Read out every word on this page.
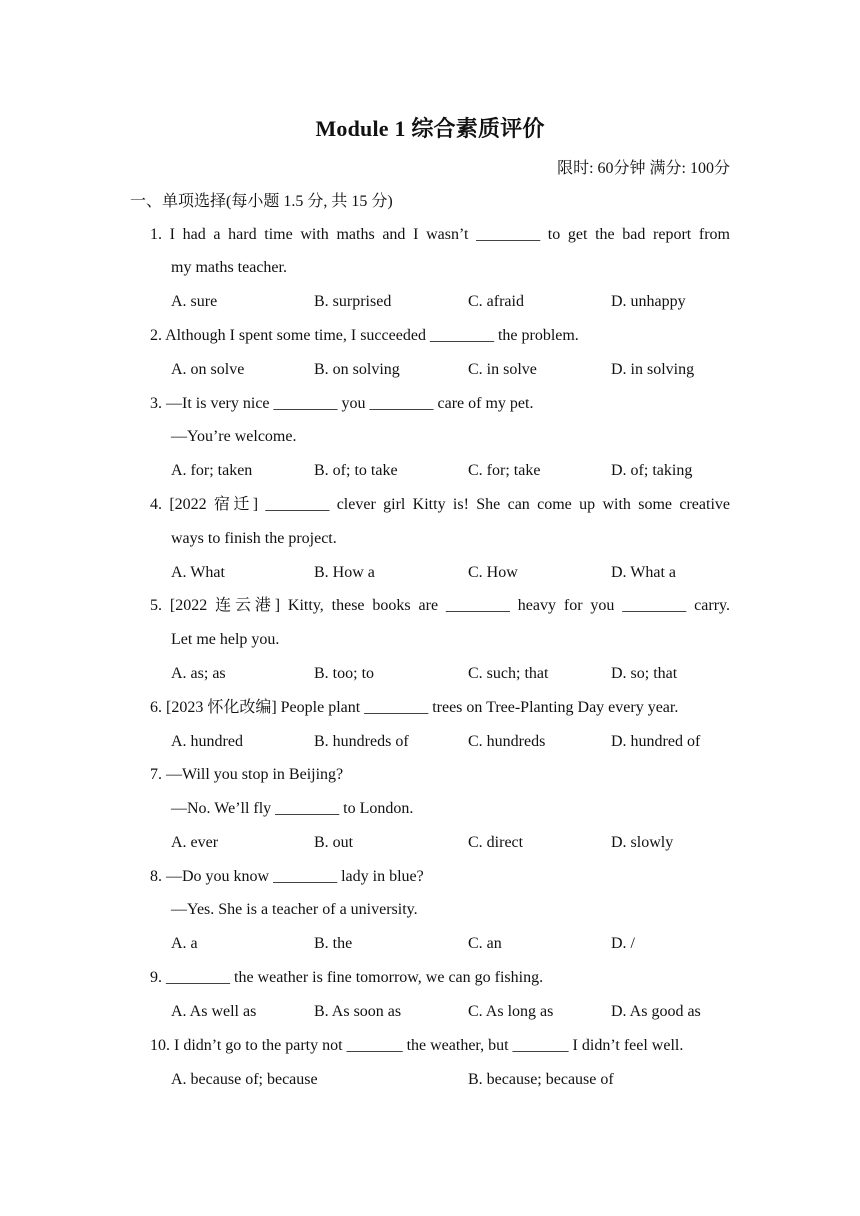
Module 1 综合素质评价
限时: 60分钟 满分: 100分
一、单项选择(每小题 1.5 分, 共 15 分)
1. I had a hard time with maths and I wasn’t ________ to get the bad report from
my maths teacher.
A. sure	B. surprised	C. afraid	D. unhappy
2. Although I spent some time, I succeeded ________ the problem.
A. on solve	B. on solving	C. in solve	D. in solving
3. —It is very nice ________ you ________ care of my pet.
—You’re welcome.
A. for; taken	B. of; to take	C. for; take	D. of; taking
4. [2022 宿迁] ________ clever girl Kitty is! She can come up with some creative
ways to finish the project.
A. What	B. How a	C. How	D. What a
5. [2022 连云港] Kitty, these books are ________ heavy for you ________ carry.
Let me help you.
A. as; as	B. too; to	C. such; that	D. so; that
6. [2023 怀化改编] People plant ________ trees on Tree-Planting Day every year.
A. hundred	B. hundreds of	C. hundreds	D. hundred of
7. —Will you stop in Beijing?
—No. We’ll fly ________ to London.
A. ever	B. out	C. direct	D. slowly
8. —Do you know ________ lady in blue?
—Yes. She is a teacher of a university.
A. a	B. the	C. an	D. /
9. ________ the weather is fine tomorrow, we can go fishing.
A. As well as	B. As soon as	C. As long as	D. As good as
10. I didn’t go to the party not _______ the weather, but _______ I didn’t feel well.
A. because of; because	B. because; because of
